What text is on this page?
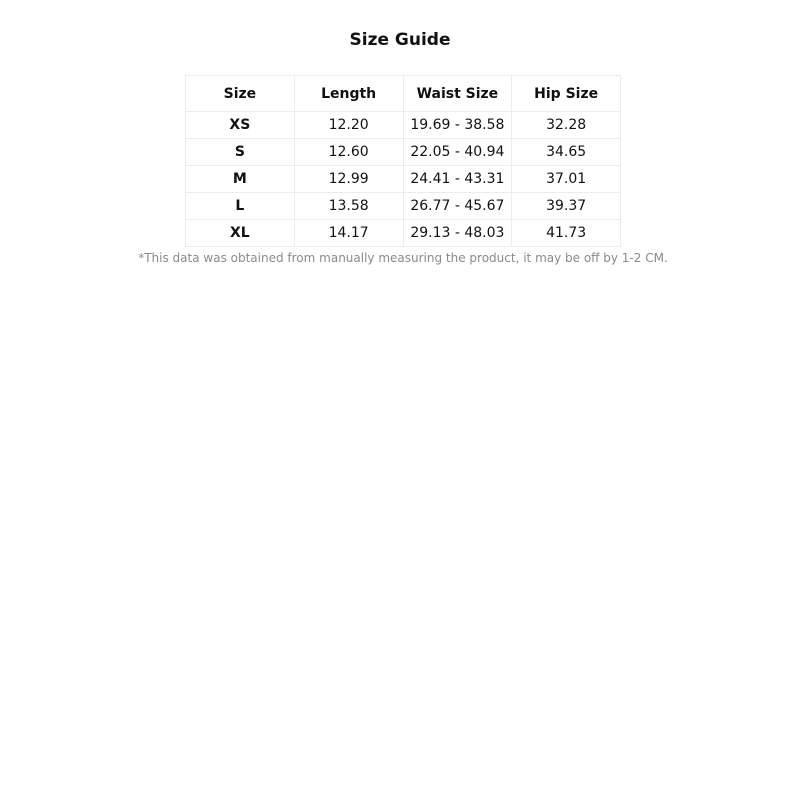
Size Guide
Size	Length	Waist Size	Hip Size
XS	12.20	19.69 - 38.58	32.28
S	12.60	22.05 - 40.94	34.65
M	12.99	24.41 - 43.31	37.01
L	13.58	26.77 - 45.67	39.37
XL	14.17	29.13 - 48.03	41.73
*This data was obtained from manually measuring the product, it may be off by 1-2 CM.
